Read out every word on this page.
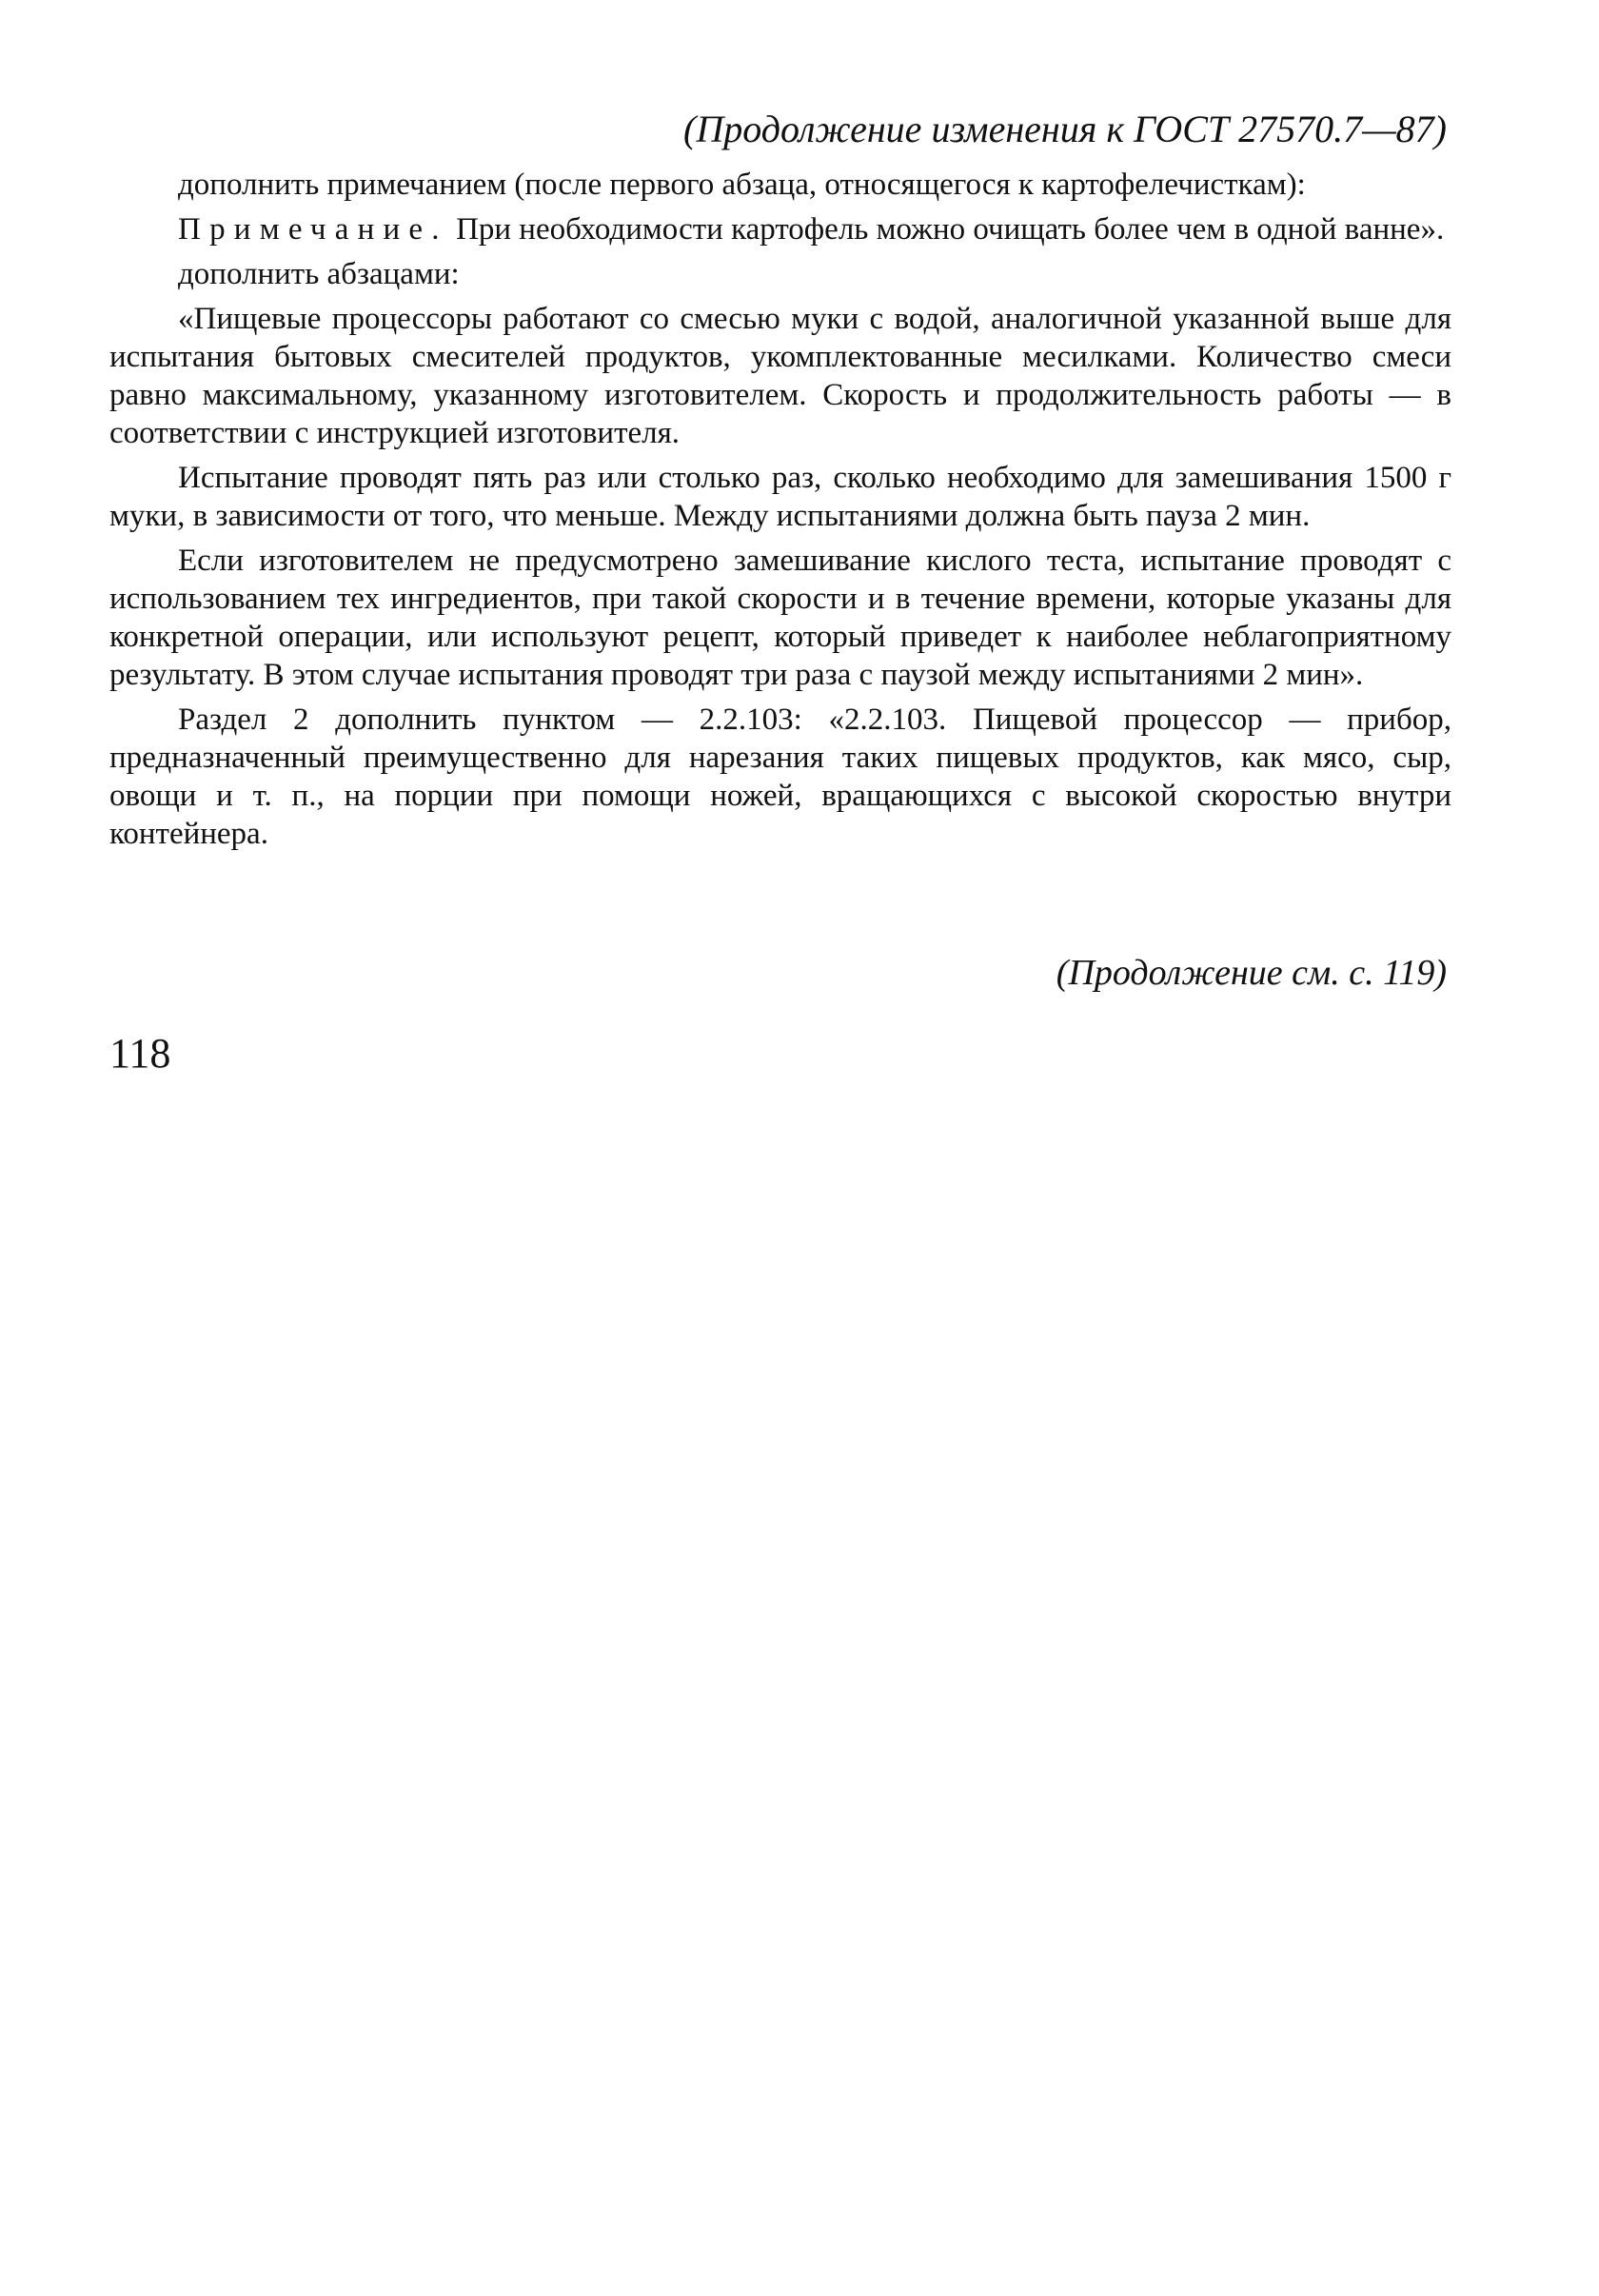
(Продолжение изменения к ГОСТ 27570.7—87)

дополнить примечанием (после первого абзаца, относящегося к картофелечисткам):

Примечание. При необходимости картофель можно очищать более чем в одной ванне».

дополнить абзацами:

«Пищевые процессоры работают со смесью муки с водой, аналогичной указанной выше для испытания бытовых смесителей продуктов, укомплектованные месилками. Количество смеси равно максимальному, указанному изготовителем. Скорость и продолжительность работы — в соответствии с инструкцией изготовителя.

Испытание проводят пять раз или столько раз, сколько необходимо для замешивания 1500 г муки, в зависимости от того, что меньше. Между испытаниями должна быть пауза 2 мин.

Если изготовителем не предусмотрено замешивание кислого теста, испытание проводят с использованием тех ингредиентов, при такой скорости и в течение времени, которые указаны для конкретной операции, или используют рецепт, который приведет к наиболее неблагоприятному результату. В этом случае испытания проводят три раза с паузой между испытаниями 2 мин».

Раздел 2 дополнить пунктом — 2.2.103: «2.2.103. Пищевой процессор — прибор, предназначенный преимущественно для нарезания таких пищевых продуктов, как мясо, сыр, овощи и т. п., на порции при помощи ножей, вращающихся с высокой скоростью внутри контейнера.

(Продолжение см. с. 119)
118
